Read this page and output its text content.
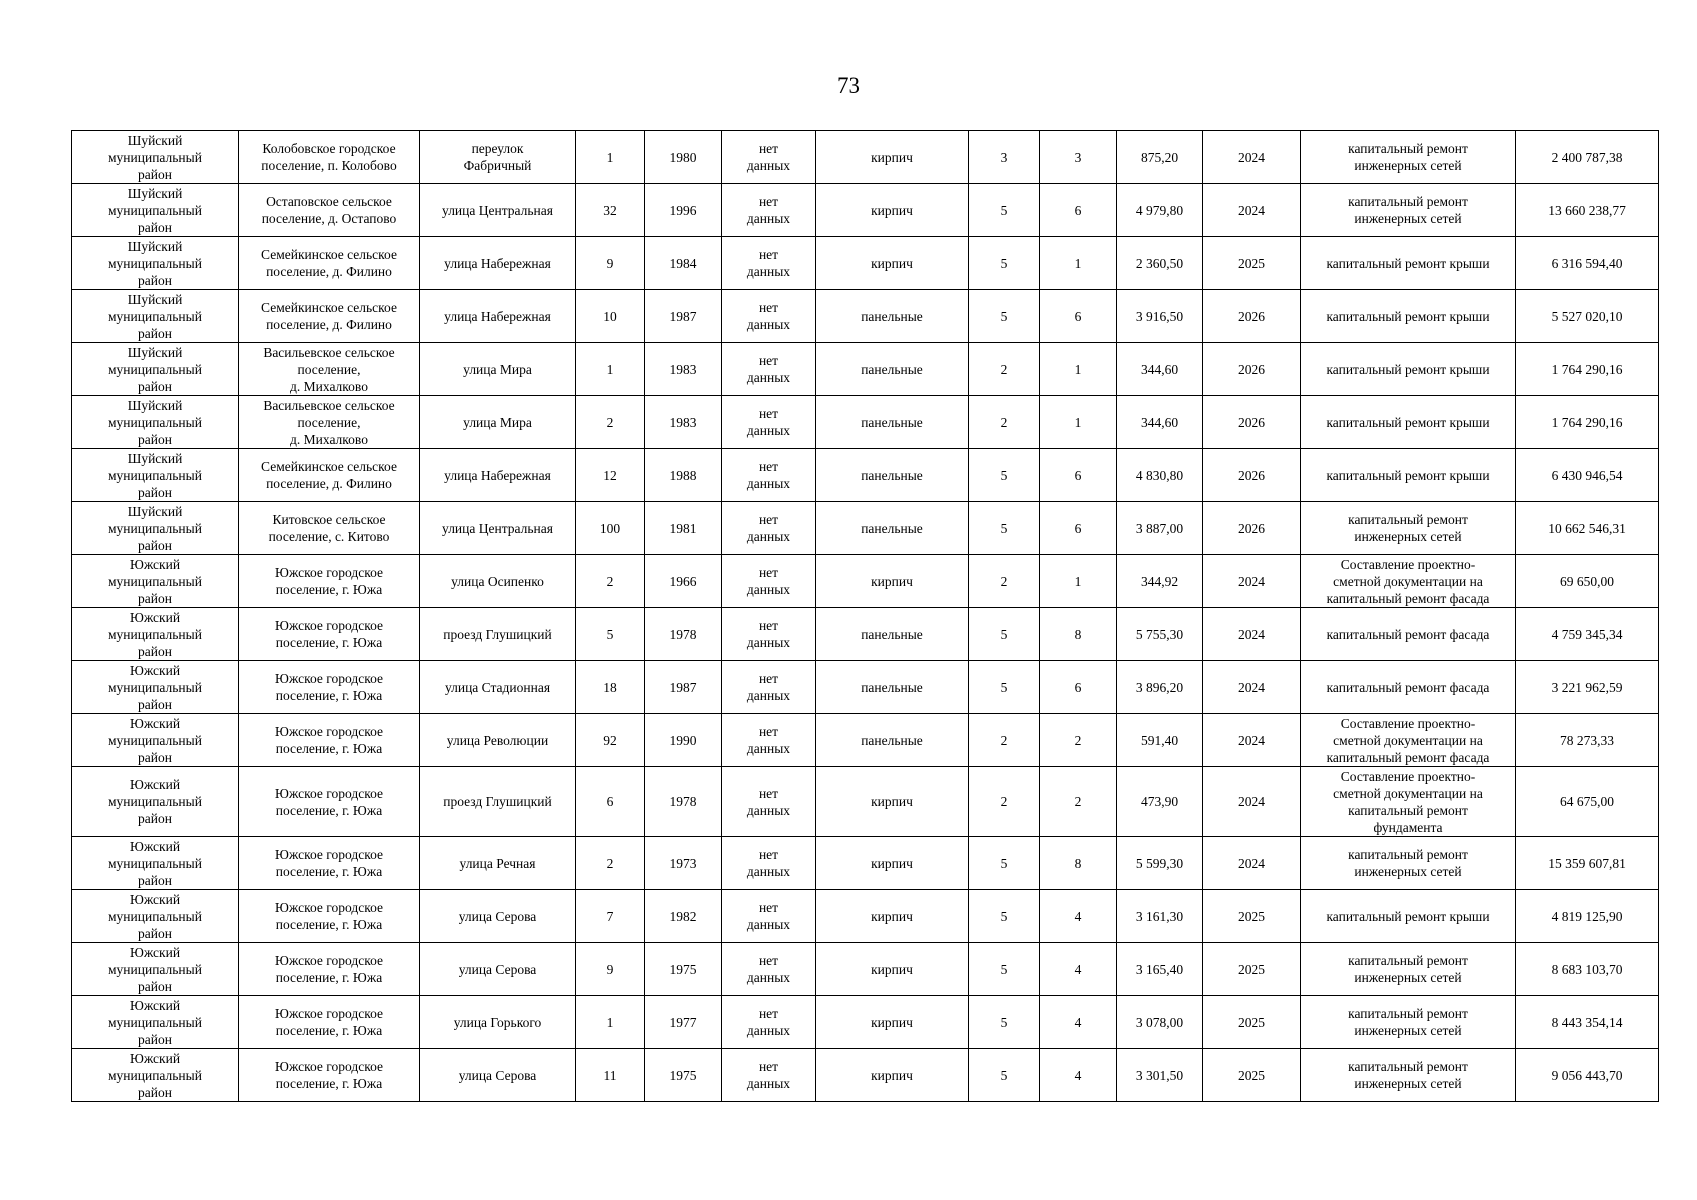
73
Шуйский
муниципальный
район	Колобовское городское
поселение, п. Колобово	переулок
Фабричный	1	1980	нет
данных	кирпич	3	3	875,20	2024	капитальный ремонт
инженерных сетей	2 400 787,38

Шуйский
муниципальный
район	Остаповское сельское
поселение, д. Остапово	улица Центральная	32	1996	нет
данных	кирпич	5	6	4 979,80	2024	капитальный ремонт
инженерных сетей	13 660 238,77

Шуйский
муниципальный
район	Семейкинское сельское
поселение, д. Филино	улица Набережная	9	1984	нет
данных	кирпич	5	1	2 360,50	2025	капитальный ремонт крыши	6 316 594,40

Шуйский
муниципальный
район	Семейкинское сельское
поселение, д. Филино	улица Набережная	10	1987	нет
данных	панельные	5	6	3 916,50	2026	капитальный ремонт крыши	5 527 020,10

Шуйский
муниципальный
район	Васильевское сельское
поселение,
д. Михалково	улица Мира	1	1983	нет
данных	панельные	2	1	344,60	2026	капитальный ремонт крыши	1 764 290,16

Шуйский
муниципальный
район	Васильевское сельское
поселение,
д. Михалково	улица Мира	2	1983	нет
данных	панельные	2	1	344,60	2026	капитальный ремонт крыши	1 764 290,16

Шуйский
муниципальный
район	Семейкинское сельское
поселение, д. Филино	улица Набережная	12	1988	нет
данных	панельные	5	6	4 830,80	2026	капитальный ремонт крыши	6 430 946,54

Шуйский
муниципальный
район	Китовское сельское
поселение, с. Китово	улица Центральная	100	1981	нет
данных	панельные	5	6	3 887,00	2026	капитальный ремонт
инженерных сетей	10 662 546,31

Южский
муниципальный
район	Южское городское
поселение, г. Южа	улица Осипенко	2	1966	нет
данных	кирпич	2	1	344,92	2024	Составление проектно-
сметной документации на
капитальный ремонт фасада	69 650,00

Южский
муниципальный
район	Южское городское
поселение, г. Южа	проезд Глушицкий	5	1978	нет
данных	панельные	5	8	5 755,30	2024	капитальный ремонт фасада	4 759 345,34

Южский
муниципальный
район	Южское городское
поселение, г. Южа	улица Стадионная	18	1987	нет
данных	панельные	5	6	3 896,20	2024	капитальный ремонт фасада	3 221 962,59

Южский
муниципальный
район	Южское городское
поселение, г. Южа	улица Революции	92	1990	нет
данных	панельные	2	2	591,40	2024	Составление проектно-
сметной документации на
капитальный ремонт фасада	78 273,33

Южский
муниципальный
район	Южское городское
поселение, г. Южа	проезд Глушицкий	6	1978	нет
данных	кирпич	2	2	473,90	2024	Составление проектно-
сметной документации на
капитальный ремонт
фундамента	64 675,00

Южский
муниципальный
район	Южское городское
поселение, г. Южа	улица Речная	2	1973	нет
данных	кирпич	5	8	5 599,30	2024	капитальный ремонт
инженерных сетей	15 359 607,81

Южский
муниципальный
район	Южское городское
поселение, г. Южа	улица Серова	7	1982	нет
данных	кирпич	5	4	3 161,30	2025	капитальный ремонт крыши	4 819 125,90

Южский
муниципальный
район	Южское городское
поселение, г. Южа	улица Серова	9	1975	нет
данных	кирпич	5	4	3 165,40	2025	капитальный ремонт
инженерных сетей	8 683 103,70

Южский
муниципальный
район	Южское городское
поселение, г. Южа	улица Горького	1	1977	нет
данных	кирпич	5	4	3 078,00	2025	капитальный ремонт
инженерных сетей	8 443 354,14

Южский
муниципальный
район	Южское городское
поселение, г. Южа	улица Серова	11	1975	нет
данных	кирпич	5	4	3 301,50	2025	капитальный ремонт
инженерных сетей	9 056 443,70
